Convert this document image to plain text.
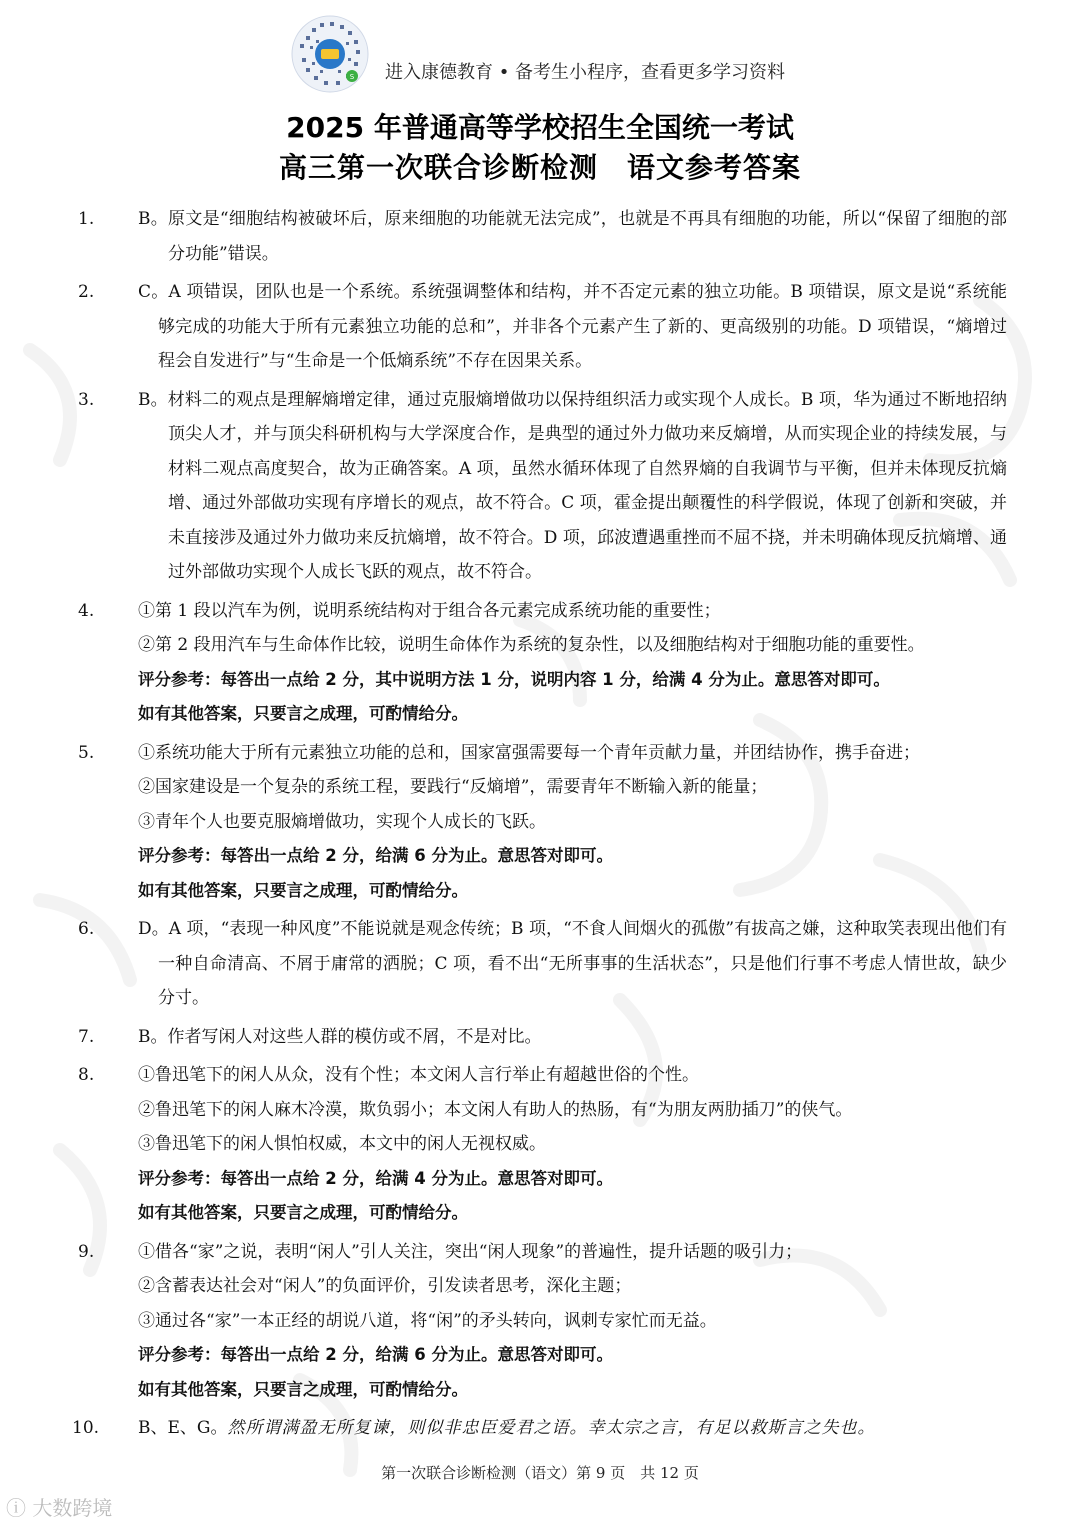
S 进入康德教育 • 备考生小程序，查看更多学习资料
2025 年普通高等学校招生全国统一考试
高三第一次联合诊断检测　语文参考答案
1.	B。原文是“细胞结构被破坏后，原来细胞的功能就无法完成”，也就是不再具有细胞的功能，所以“保留了细胞的部分功能”错误。

2.	C。A 项错误，团队也是一个系统。系统强调整体和结构，并不否定元素的独立功能。B 项错误，原文是说“系统能够完成的功能大于所有元素独立功能的总和”，并非各个元素产生了新的、更高级别的功能。D 项错误，“熵增过程会自发进行”与“生命是一个低熵系统”不存在因果关系。

3.	B。材料二的观点是理解熵增定律，通过克服熵增做功以保持组织活力或实现个人成长。B 项，华为通过不断地招纳顶尖人才，并与顶尖科研机构与大学深度合作，是典型的通过外力做功来反熵增，从而实现企业的持续发展，与材料二观点高度契合，故为正确答案。A 项，虽然水循环体现了自然界熵的自我调节与平衡，但并未体现反抗熵增、通过外部做功实现有序增长的观点，故不符合。C 项，霍金提出颠覆性的科学假说，体现了创新和突破，并未直接涉及通过外力做功来反抗熵增，故不符合。D 项，邱波遭遇重挫而不屈不挠，并未明确体现反抗熵增、通过外部做功实现个人成长飞跃的观点，故不符合。

4.	①第 1 段以汽车为例，说明系统结构对于组合各元素完成系统功能的重要性；

②第 2 段用汽车与生命体作比较，说明生命体作为系统的复杂性，以及细胞结构对于细胞功能的重要性。

评分参考：每答出一点给 2 分，其中说明方法 1 分，说明内容 1 分，给满 4 分为止。意思答对即可。

如有其他答案，只要言之成理，可酌情给分。

5.	①系统功能大于所有元素独立功能的总和，国家富强需要每一个青年贡献力量，并团结协作，携手奋进；

②国家建设是一个复杂的系统工程，要践行“反熵增”，需要青年不断输入新的能量；

③青年个人也要克服熵增做功，实现个人成长的飞跃。

评分参考：每答出一点给 2 分，给满 6 分为止。意思答对即可。

如有其他答案，只要言之成理，可酌情给分。

6.	D。A 项，“表现一种风度”不能说就是观念传统；B 项，“不食人间烟火的孤傲”有拔高之嫌，这种取笑表现出他们有一种自命清高、不屑于庸常的洒脱；C 项，看不出“无所事事的生活状态”，只是他们行事不考虑人情世故，缺少分寸。

7.	B。作者写闲人对这些人群的模仿或不屑，不是对比。

8.	①鲁迅笔下的闲人从众，没有个性；本文闲人言行举止有超越世俗的个性。

②鲁迅笔下的闲人麻木冷漠，欺负弱小；本文闲人有助人的热肠，有“为朋友两肋插刀”的侠气。

③鲁迅笔下的闲人惧怕权威，本文中的闲人无视权威。

评分参考：每答出一点给 2 分，给满 4 分为止。意思答对即可。

如有其他答案，只要言之成理，可酌情给分。

9.	①借各“家”之说，表明“闲人”引人关注，突出“闲人现象”的普遍性，提升话题的吸引力；

②含蓄表达社会对“闲人”的负面评价，引发读者思考，深化主题；

③通过各“家”一本正经的胡说八道，将“闲”的矛头转向，讽刺专家忙而无益。

评分参考：每答出一点给 2 分，给满 6 分为止。意思答对即可。

如有其他答案，只要言之成理，可酌情给分。

10. B、E、G。然所谓满盈无所复谏，则似非忠臣爱君之语。幸太宗之言，有足以救斯言之失也。

第一次联合诊断检测（语文）第 9 页　共 12 页
ⓘ 大数跨境
